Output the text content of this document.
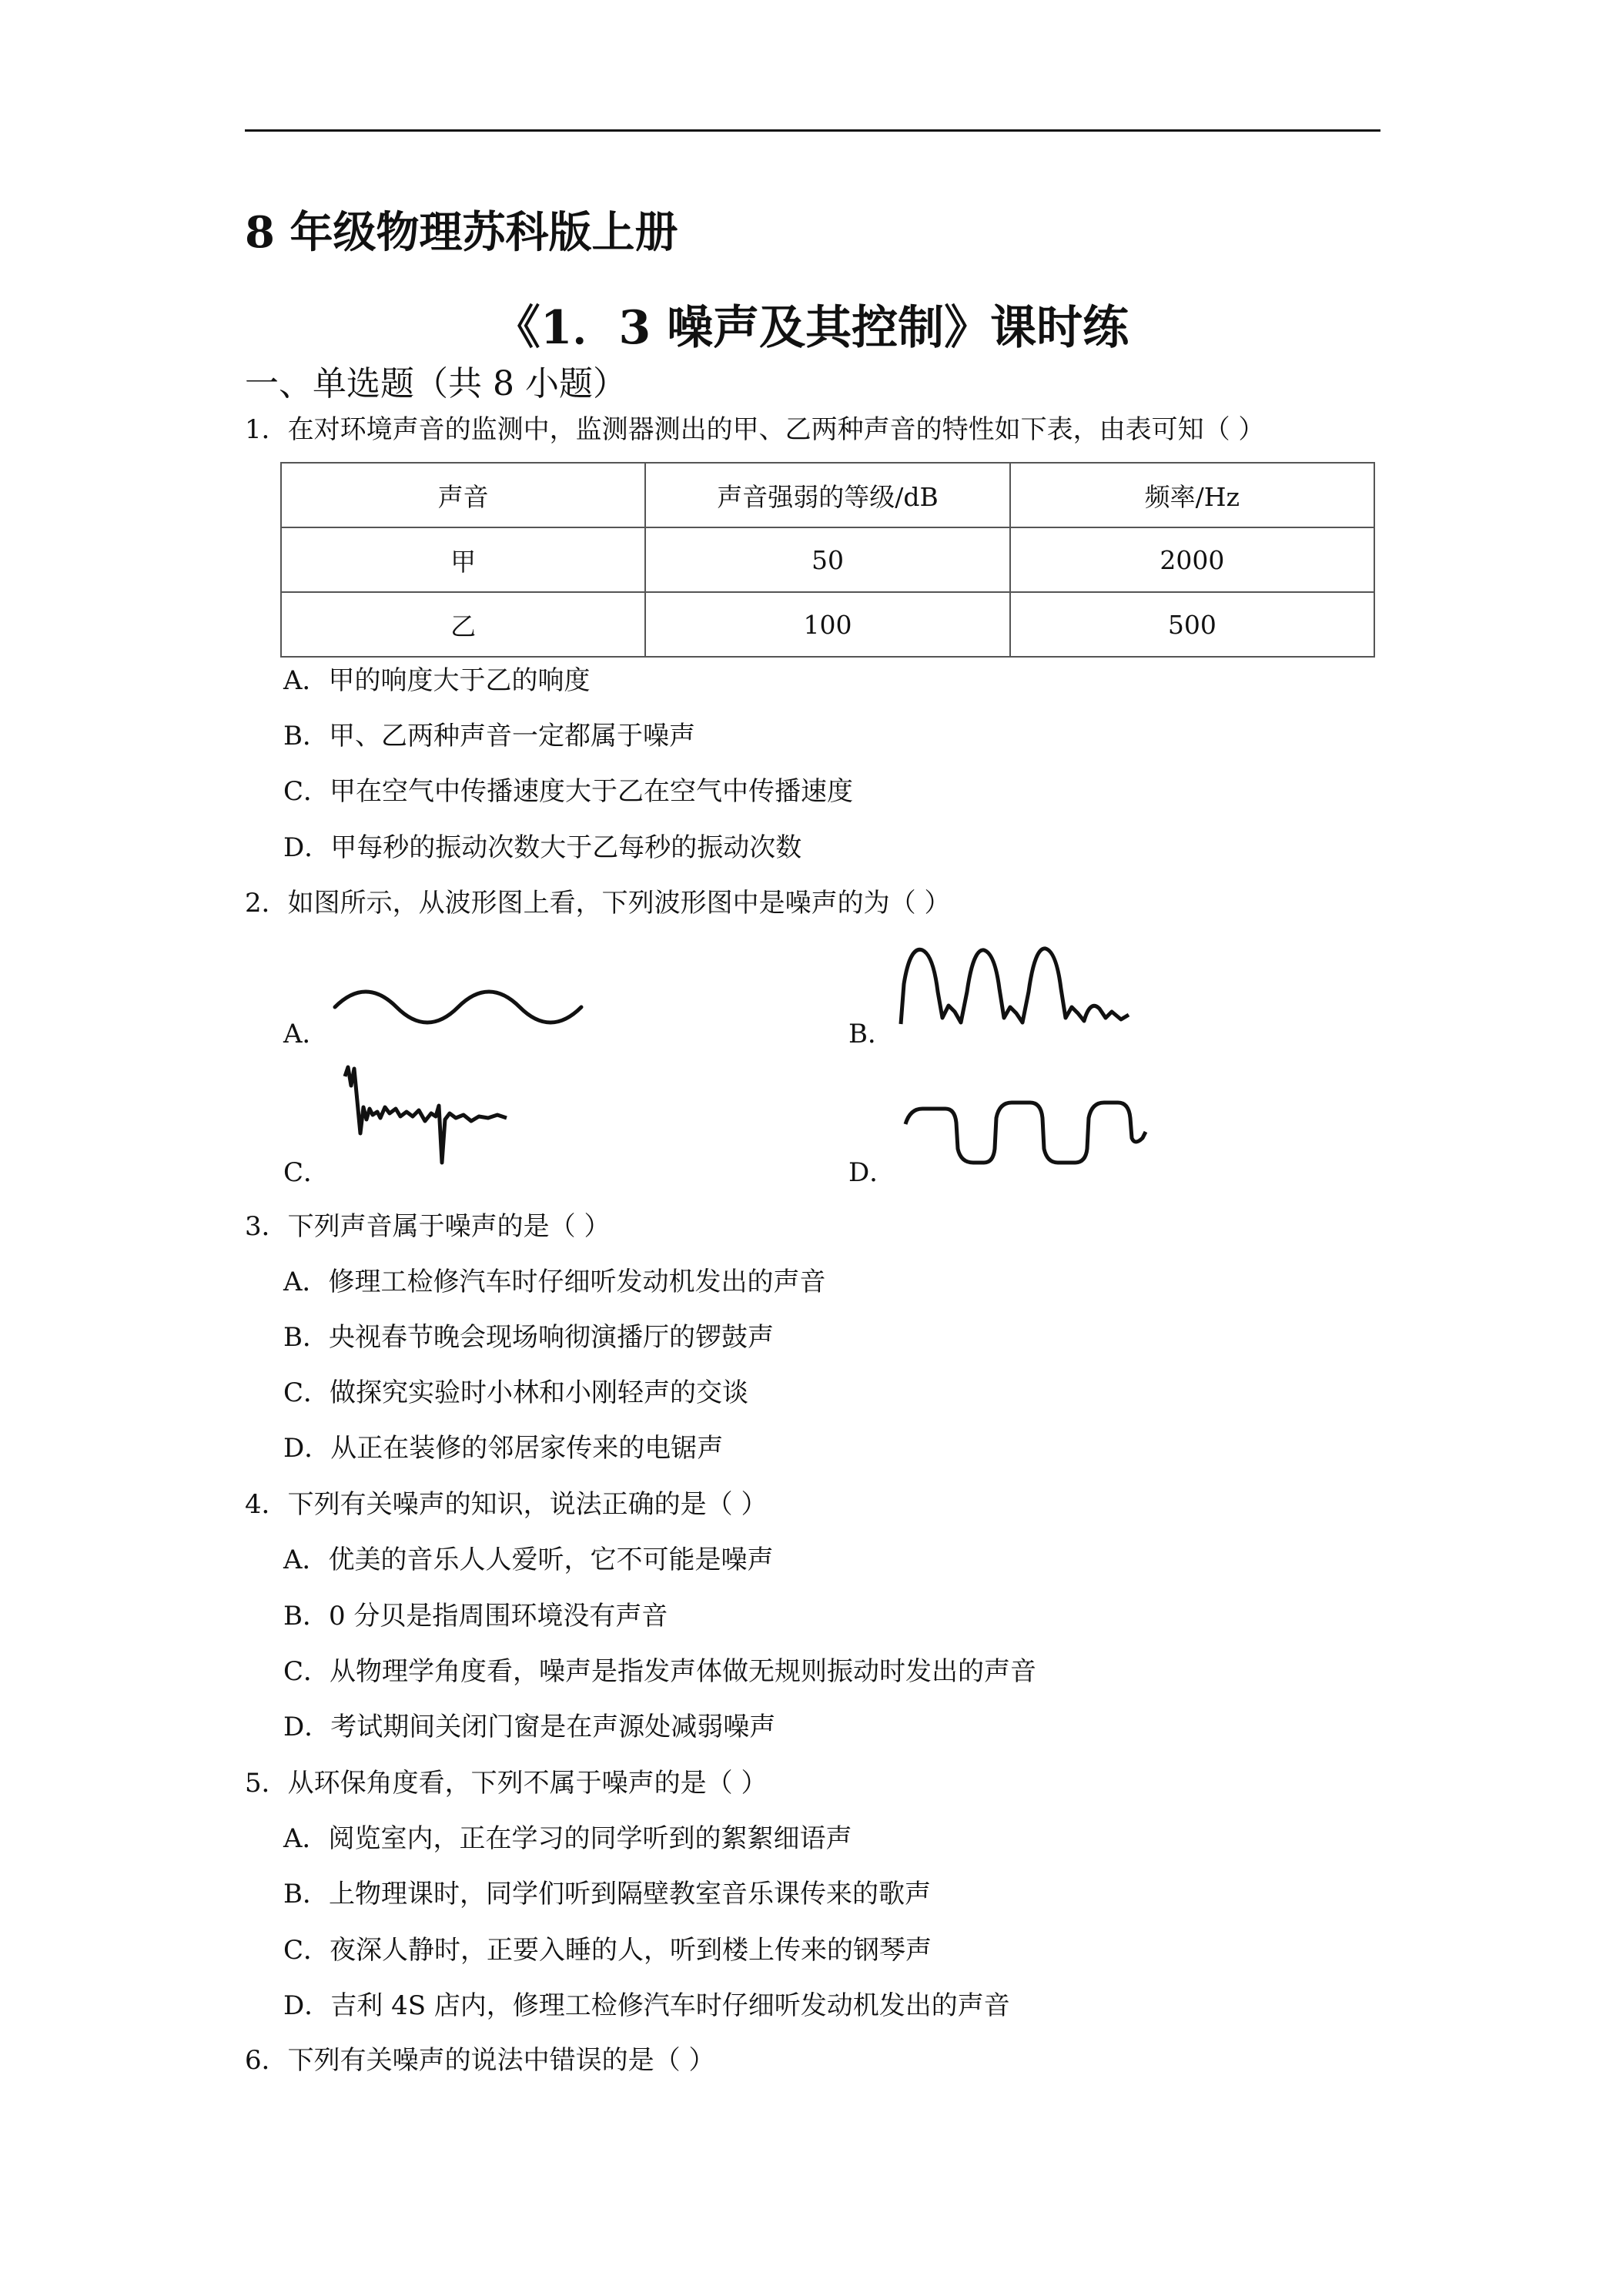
8 年级物理苏科版上册
《1．3 噪声及其控制》课时练
一、单选题（共 8 小题）
1．在对环境声音的监测中，监测器测出的甲、乙两种声音的特性如下表，由表可知（ ）
声音	声音强弱的等级/dB	频率/Hz
甲	50	2000
乙	100	500
A．甲的响度大于乙的响度
B．甲、乙两种声音一定都属于噪声
C．甲在空气中传播速度大于乙在空气中传播速度
D．甲每秒的振动次数大于乙每秒的振动次数
2．如图所示，从波形图上看，下列波形图中是噪声的为（ ）
A．	B．
C．	D．
3．下列声音属于噪声的是（ ）
A．修理工检修汽车时仔细听发动机发出的声音
B．央视春节晚会现场响彻演播厅的锣鼓声
C．做探究实验时小林和小刚轻声的交谈
D．从正在装修的邻居家传来的电锯声
4．下列有关噪声的知识，说法正确的是（ ）
A．优美的音乐人人爱听，它不可能是噪声
B．0 分贝是指周围环境没有声音
C．从物理学角度看，噪声是指发声体做无规则振动时发出的声音
D．考试期间关闭门窗是在声源处减弱噪声
5．从环保角度看，下列不属于噪声的是（ ）
A．阅览室内，正在学习的同学听到的絮絮细语声
B．上物理课时，同学们听到隔壁教室音乐课传来的歌声
C．夜深人静时，正要入睡的人，听到楼上传来的钢琴声
D．吉利 4S 店内，修理工检修汽车时仔细听发动机发出的声音
6．下列有关噪声的说法中错误的是（ ）
